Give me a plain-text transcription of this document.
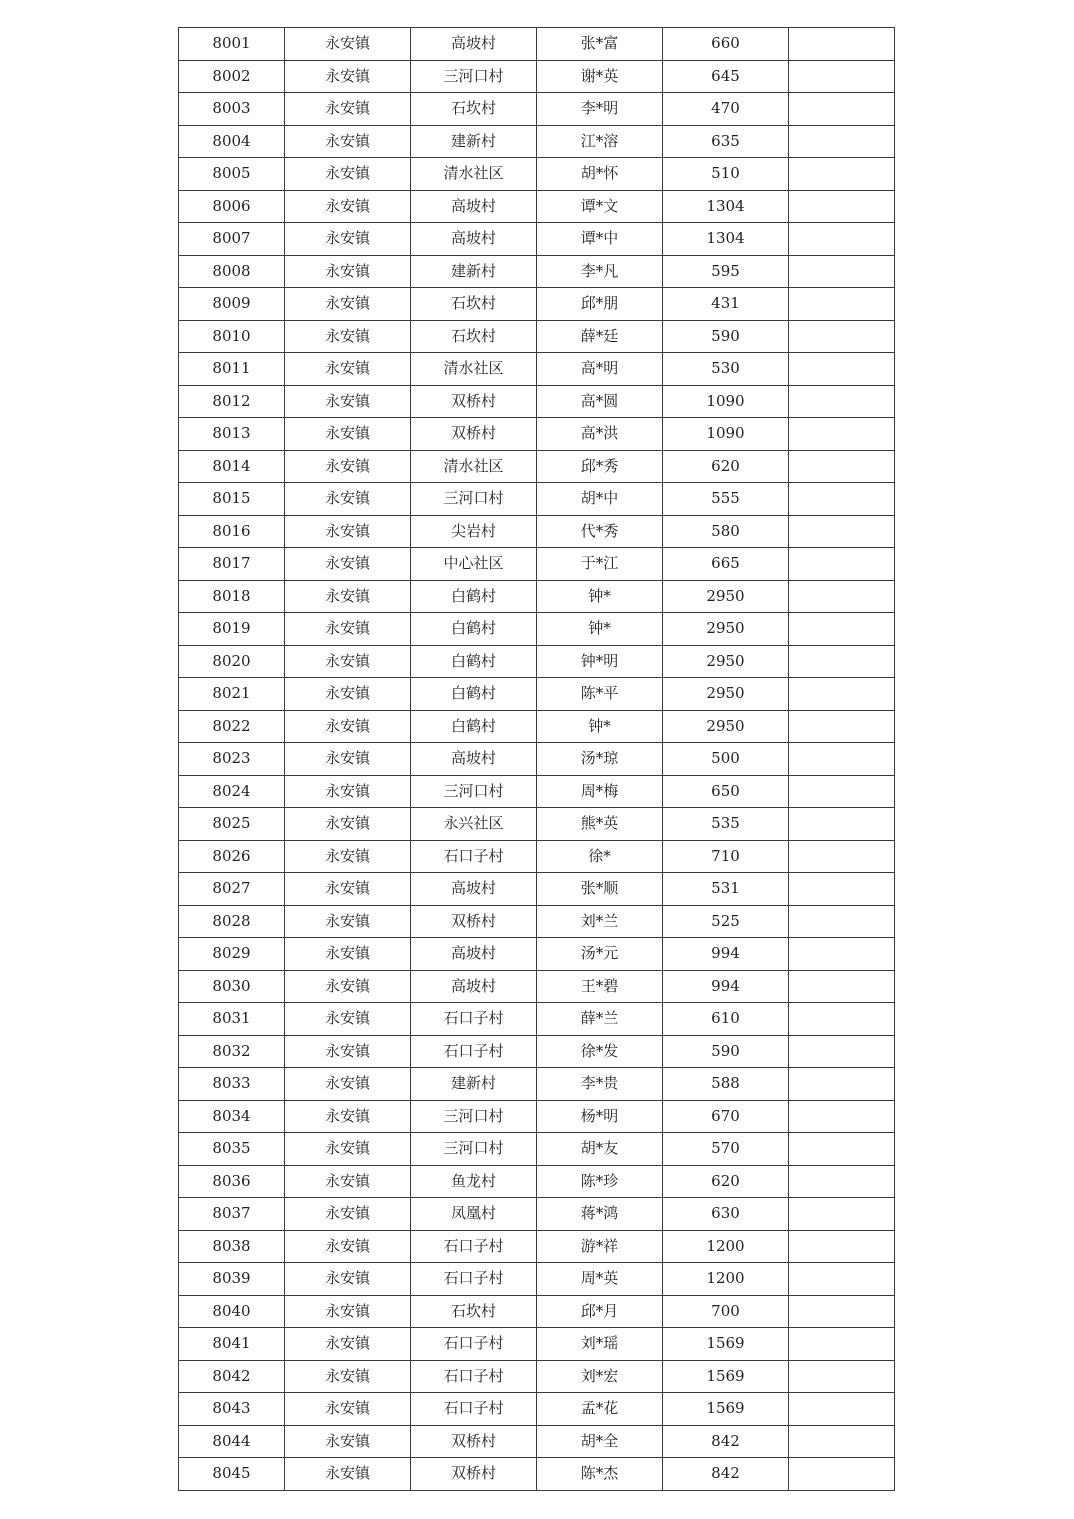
8001	永安镇	高坡村	张*富	660	
8002	永安镇	三河口村	谢*英	645	
8003	永安镇	石坎村	李*明	470	
8004	永安镇	建新村	江*溶	635	
8005	永安镇	清水社区	胡*怀	510	
8006	永安镇	高坡村	谭*文	1304	
8007	永安镇	高坡村	谭*中	1304	
8008	永安镇	建新村	李*凡	595	
8009	永安镇	石坎村	邱*朋	431	
8010	永安镇	石坎村	薛*廷	590	
8011	永安镇	清水社区	高*明	530	
8012	永安镇	双桥村	高*圆	1090	
8013	永安镇	双桥村	高*洪	1090	
8014	永安镇	清水社区	邱*秀	620	
8015	永安镇	三河口村	胡*中	555	
8016	永安镇	尖岩村	代*秀	580	
8017	永安镇	中心社区	于*江	665	
8018	永安镇	白鹤村	钟*	2950	
8019	永安镇	白鹤村	钟*	2950	
8020	永安镇	白鹤村	钟*明	2950	
8021	永安镇	白鹤村	陈*平	2950	
8022	永安镇	白鹤村	钟*	2950	
8023	永安镇	高坡村	汤*琼	500	
8024	永安镇	三河口村	周*梅	650	
8025	永安镇	永兴社区	熊*英	535	
8026	永安镇	石口子村	徐*	710	
8027	永安镇	高坡村	张*顺	531	
8028	永安镇	双桥村	刘*兰	525	
8029	永安镇	高坡村	汤*元	994	
8030	永安镇	高坡村	王*碧	994	
8031	永安镇	石口子村	薛*兰	610	
8032	永安镇	石口子村	徐*发	590	
8033	永安镇	建新村	李*贵	588	
8034	永安镇	三河口村	杨*明	670	
8035	永安镇	三河口村	胡*友	570	
8036	永安镇	鱼龙村	陈*珍	620	
8037	永安镇	凤凰村	蒋*鸿	630	
8038	永安镇	石口子村	游*祥	1200	
8039	永安镇	石口子村	周*英	1200	
8040	永安镇	石坎村	邱*月	700	
8041	永安镇	石口子村	刘*瑶	1569	
8042	永安镇	石口子村	刘*宏	1569	
8043	永安镇	石口子村	孟*花	1569	
8044	永安镇	双桥村	胡*全	842	
8045	永安镇	双桥村	陈*杰	842	
